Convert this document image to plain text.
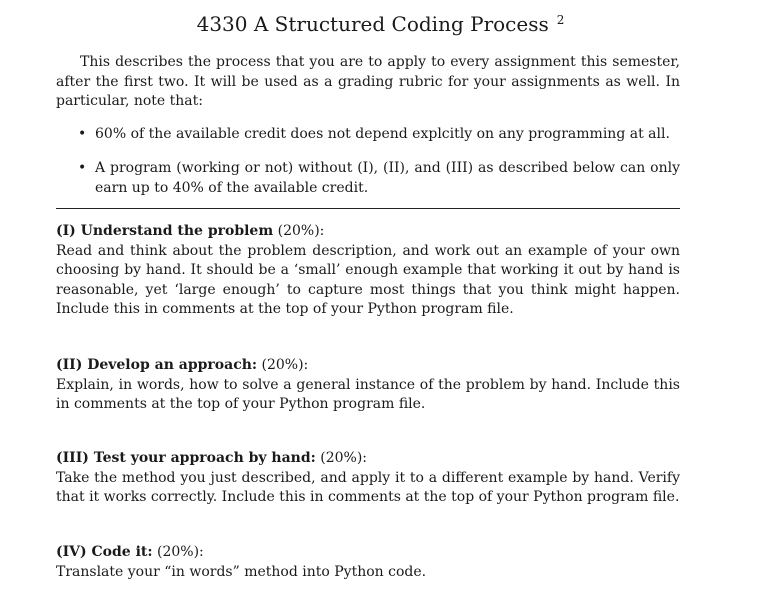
4330 A Structured Coding Process $^2$

This describes the process that you are to apply to every assignment this semester, after the first two. It will be used as a grading rubric for your assignments as well. In particular, note that:

• 60% of the available credit does not depend explcitly on any programming at all.
• A program (working or not) without (I), (II), and (III) as described below can only earn up to 40% of the available credit.
(I) Understand the problem (20%):
Read and think about the problem description, and work out an example of your own choosing by hand. It should be a ‘small’ enough example that working it out by hand is reasonable, yet ‘large enough’ to capture most things that you think might happen. Include this in comments at the top of your Python program file.
(II) Develop an approach: (20%):
Explain, in words, how to solve a general instance of the problem by hand. Include this in comments at the top of your Python program file.
(III) Test your approach by hand: (20%):
Take the method you just described, and apply it to a different example by hand. Verify that it works correctly. Include this in comments at the top of your Python program file.
(IV) Code it: (20%):
Translate your “in words” method into Python code.
